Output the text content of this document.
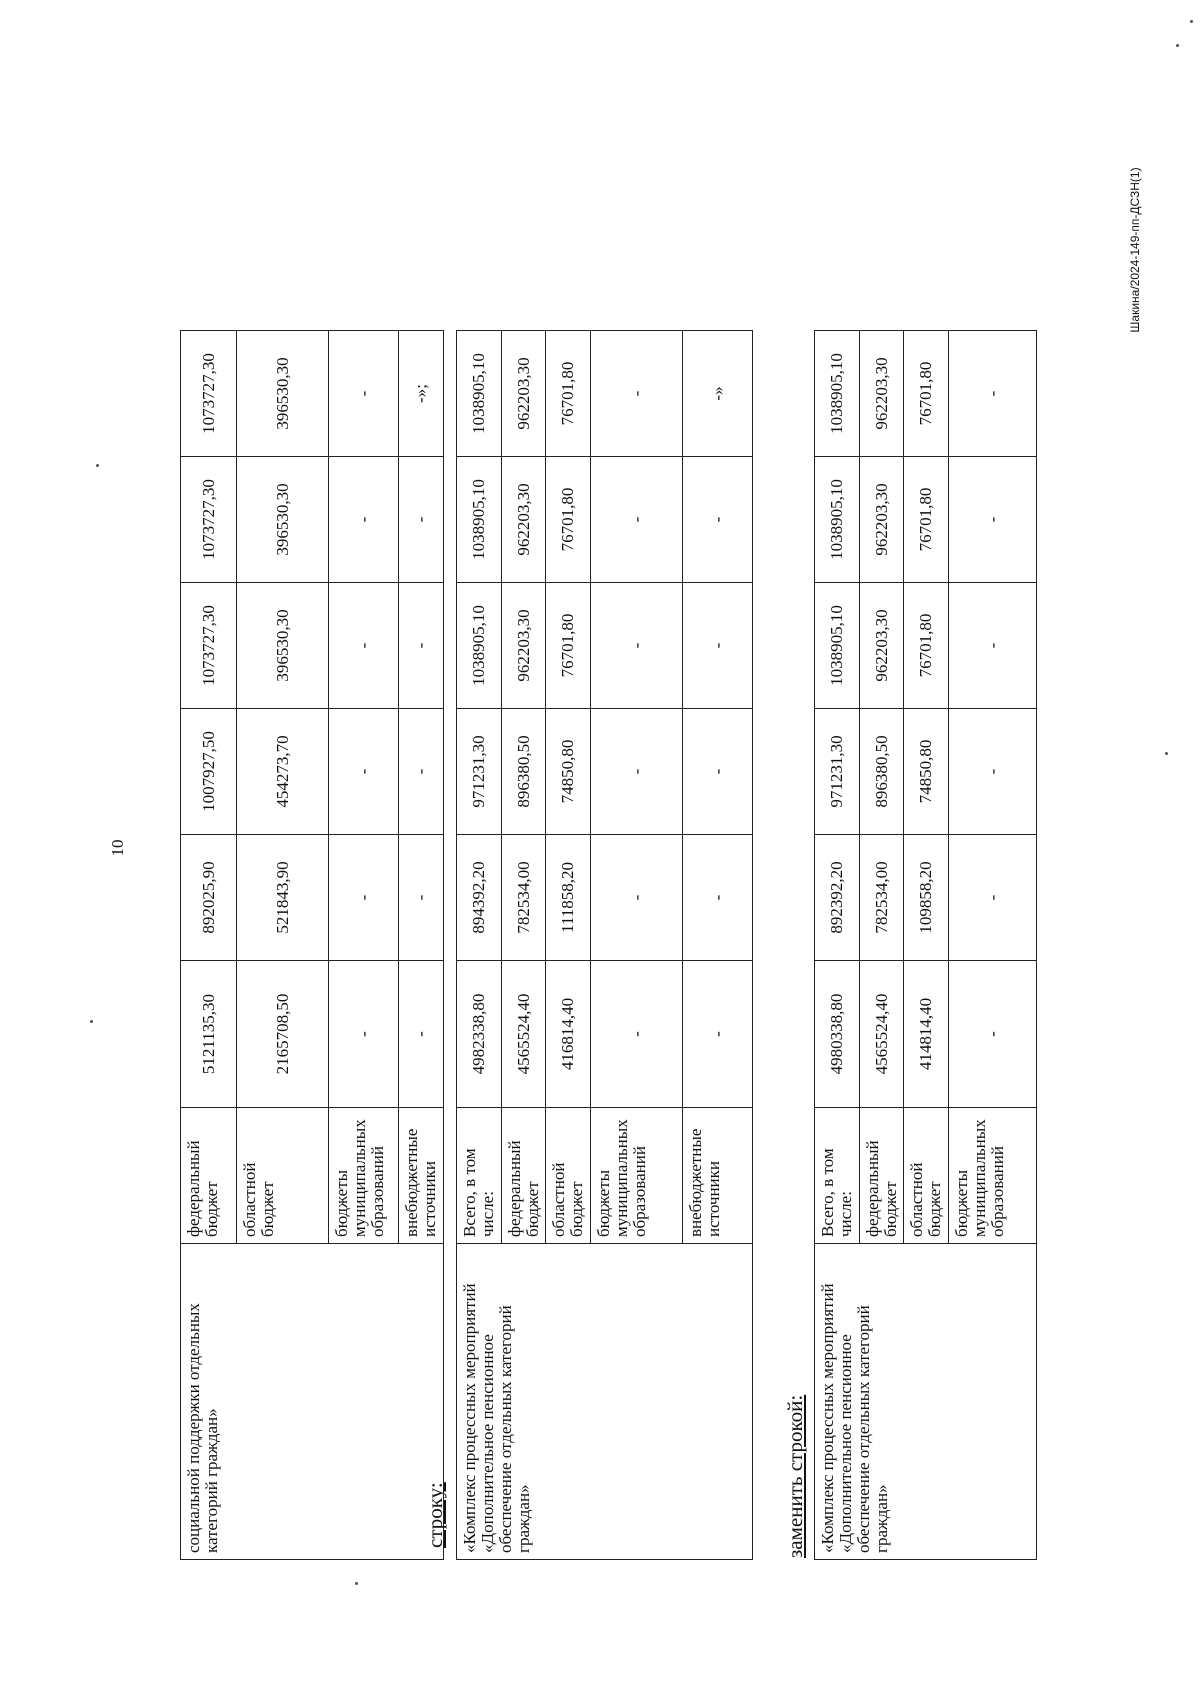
10
Шакина/2024-149-пп-ДСЗН(1)
социальной поддержки отдельных
категорий граждан»	федеральный бюджет	5121135,30	892025,90	1007927,50	1073727,30	1073727,30	1073727,30
	областной бюджет	2165708,50	521843,90	454273,70	396530,30	396530,30	396530,30
	бюджеты муниципальных образований	-	-	-	-	-	-
	внебюджетные источники	-	-	-	-	-	-»;
строку: «Комплекс процессных мероприятий
«Дополнительное пенсионное
обеспечение отдельных категорий
граждан»	Всего, в том числе:	4982338,80	894392,20	971231,30	1038905,10	1038905,10	1038905,10
	федеральный бюджет	4565524,40	782534,00	896380,50	962203,30	962203,30	962203,30
	областной бюджет	416814,40	111858,20	74850,80	76701,80	76701,80	76701,80
	бюджеты муниципальных образований	-	-	-	-	-	-
	внебюджетные источники	-	-	-	-	-	-»
заменить строкой: «Комплекс процессных мероприятий
«Дополнительное пенсионное
обеспечение отдельных категорий
граждан»	Всего, в том числе:	4980338,80	892392,20	971231,30	1038905,10	1038905,10	1038905,10
	федеральный бюджет	4565524,40	782534,00	896380,50	962203,30	962203,30	962203,30
	областной бюджет	414814,40	109858,20	74850,80	76701,80	76701,80	76701,80
	бюджеты муниципальных образований	-	-	-	-	-	-
